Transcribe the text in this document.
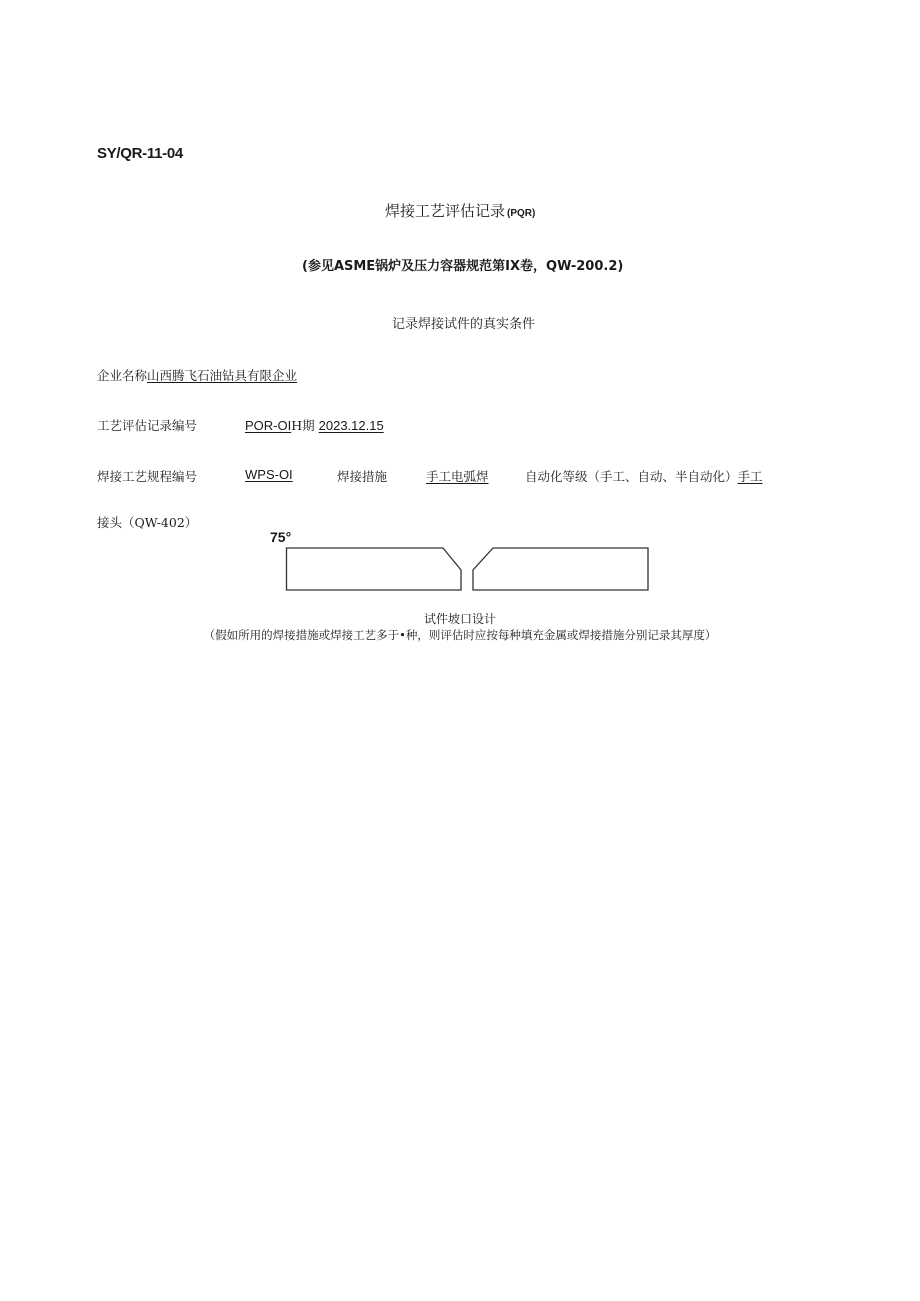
SY/QR-11-04
焊接工艺评估记录 (PQR)
(参见ASME锅炉及压力容器规范第IX卷，QW-200.2)
记录焊接试件的真实条件
企业名称山西腾飞石油钻具有限企业
工艺评估记录编号	POR-OIH期 2023.12.15
焊接工艺规程编号	WPS-OI	焊接措施	手工电弧焊	自动化等级（手工、自动、半自动化）手工
接头（QW-402）
75°
试件坡口设计
（假如所用的焊接措施或焊接工艺多于•种，则评估时应按每种填充金属或焊接措施分别记录其厚度）
